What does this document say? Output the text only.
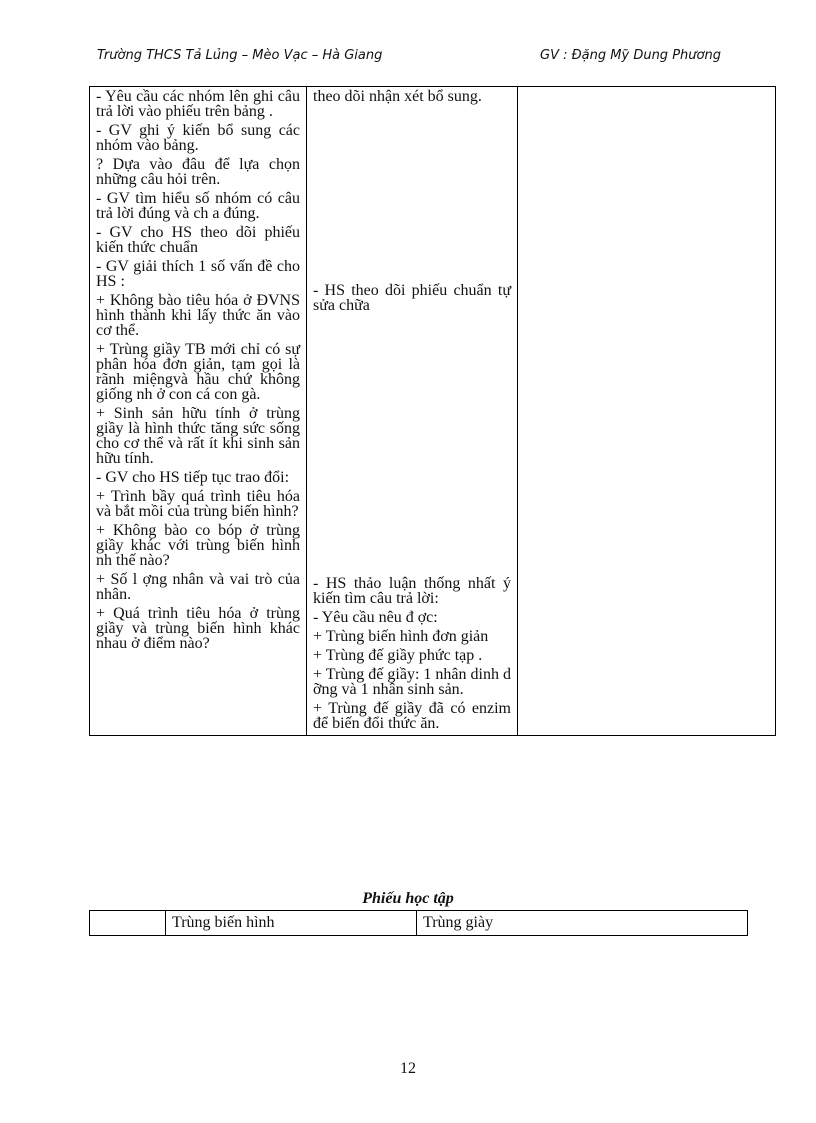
Trường THCS Tả Lủng – Mèo Vạc – Hà Giang	GV : Đặng Mỹ Dung Phương
- Yêu cầu các nhóm lên ghi câu trả lời vào phiếu trên bảng .
- GV ghi ý kiến bổ sung các nhóm vào bảng.
? Dựa vào đâu để lựa chọn những câu hỏi trên.
- GV tìm hiểu số nhóm có câu trả lời đúng và ch a đúng.
- GV cho HS theo dõi phiếu kiến thức chuẩn
- GV giải thích 1 số vấn đề cho HS :
+ Không bào tiêu hóa ở ĐVNS hình thành khi lấy thức ăn vào cơ thể.
+ Trùng giầy TB mới chỉ có sự phân hóa đơn giản, tạm gọi là rãnh miệngvà hầu chứ không giống nh ở con cá con gà.
+ Sinh sản hữu tính ở trùng giầy là hình thức tăng sức sống cho cơ thể và rất ít khi sinh sản hữu tính.
- GV cho HS tiếp tục trao đổi:
+ Trình bầy quá trình tiêu hóa và bắt mồi của trùng biến hình?
+ Không bào co bóp ở trùng giầy khác với trùng biến hình nh thế nào?
+ Số l ợng nhân và vai trò của nhân.
+ Quá trình tiêu hóa ở trùng giầy và trùng biến hình khác nhau ở điểm nào?

theo dõi nhận xét bổ sung.
- HS theo dõi phiếu chuẩn tự sửa chữa
- HS thảo luận thống nhất ý kiến tìm câu trả lời:
- Yêu cầu nêu đ ợc:
+ Trùng biến hình đơn giản
+ Trùng đế giầy phức tạp .
+ Trùng đế giầy: 1 nhân dinh d ỡng và 1 nhân sinh sản.
+ Trùng đế giầy đã có enzim để biến đổi thức ăn.

Phiếu học tập
	Trùng biến hình	Trùng giày
12
